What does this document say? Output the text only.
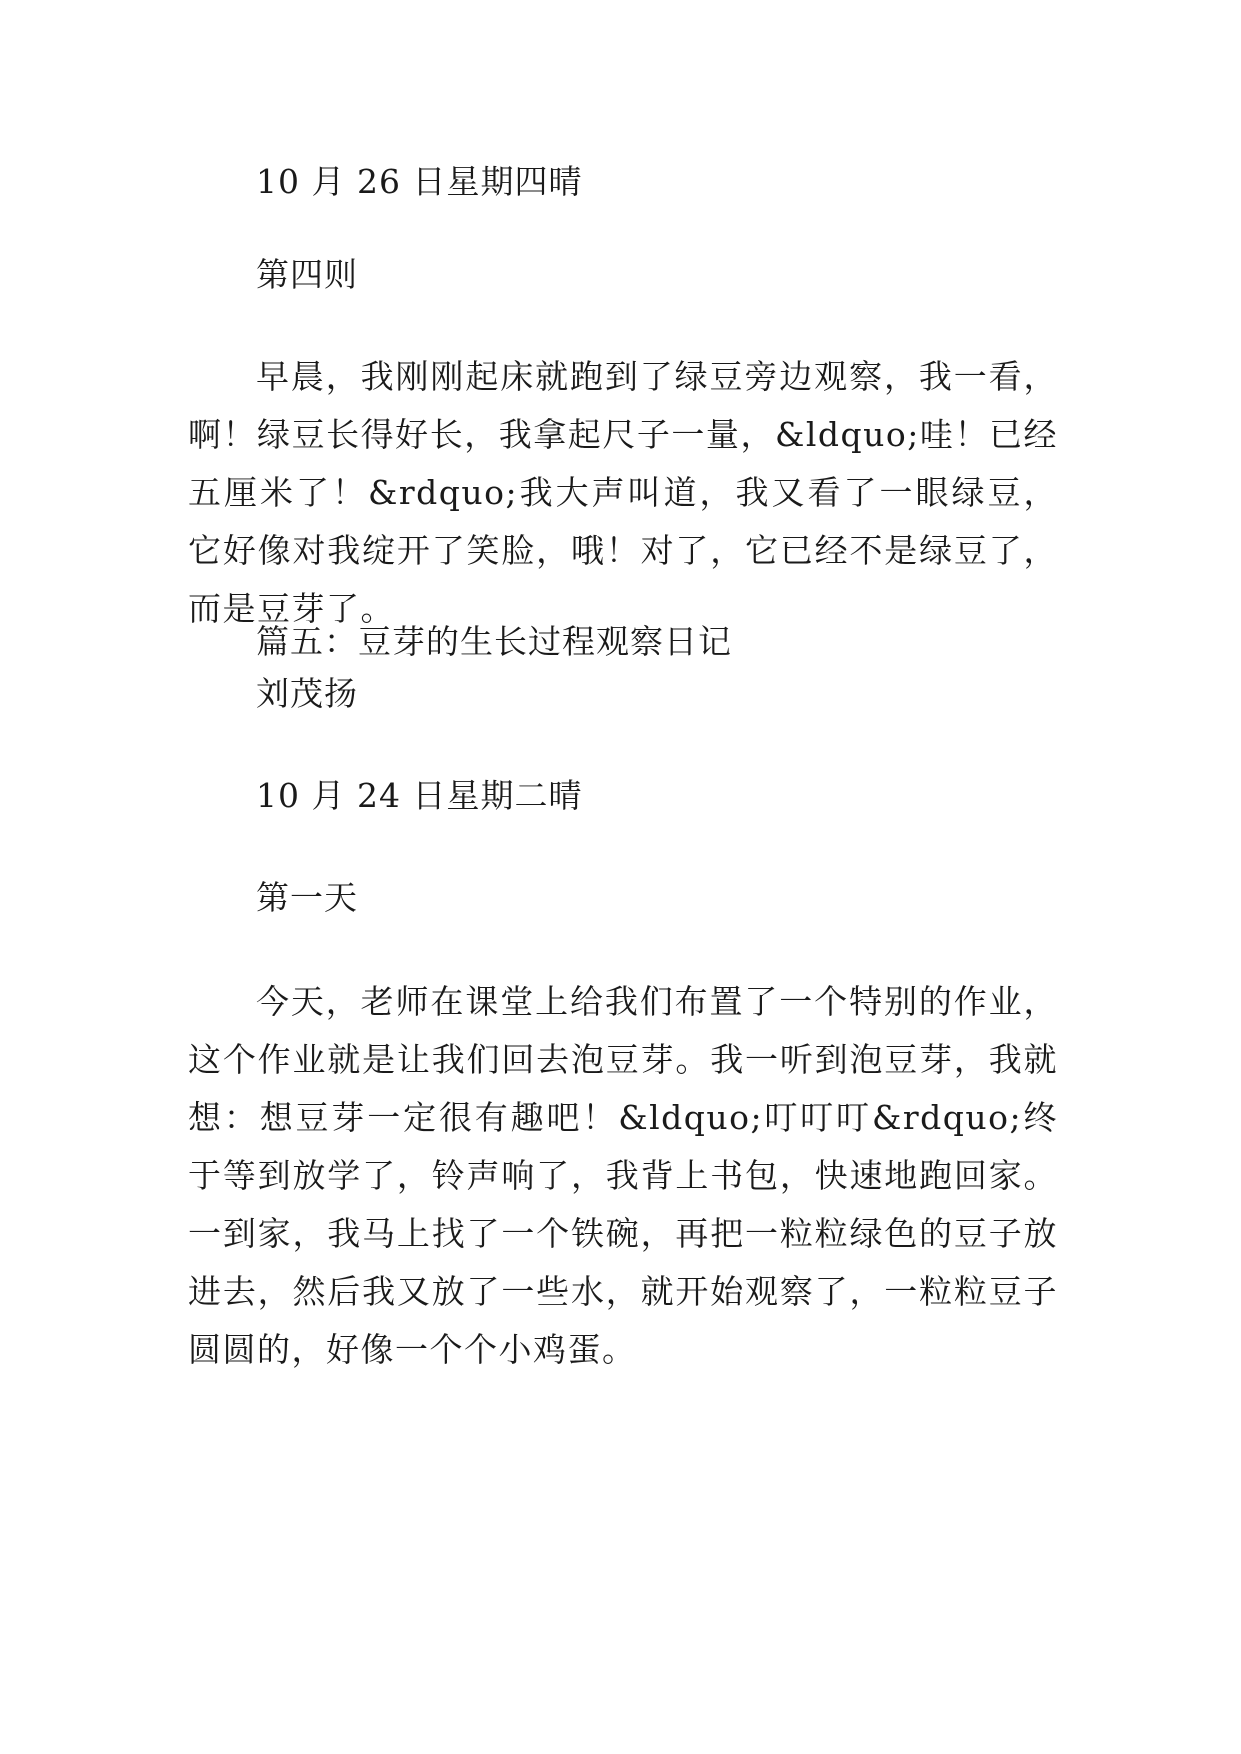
10 月 26 日星期四晴
第四则
早晨，我刚刚起床就跑到了绿豆旁边观察，我一看，啊！绿豆长得好长，我拿起尺子一量，&ldquo;哇！已经五厘米了！&rdquo;我大声叫道，我又看了一眼绿豆，它好像对我绽开了笑脸，哦！对了，它已经不是绿豆了，而是豆芽了。
篇五：豆芽的生长过程观察日记
刘茂扬
10 月 24 日星期二晴
第一天
今天，老师在课堂上给我们布置了一个特别的作业，这个作业就是让我们回去泡豆芽。我一听到泡豆芽，我就想：想豆芽一定很有趣吧！&ldquo;叮叮叮&rdquo;终于等到放学了，铃声响了，我背上书包，快速地跑回家。一到家，我马上找了一个铁碗，再把一粒粒绿色的豆子放进去，然后我又放了一些水，就开始观察了，一粒粒豆子圆圆的，好像一个个小鸡蛋。
